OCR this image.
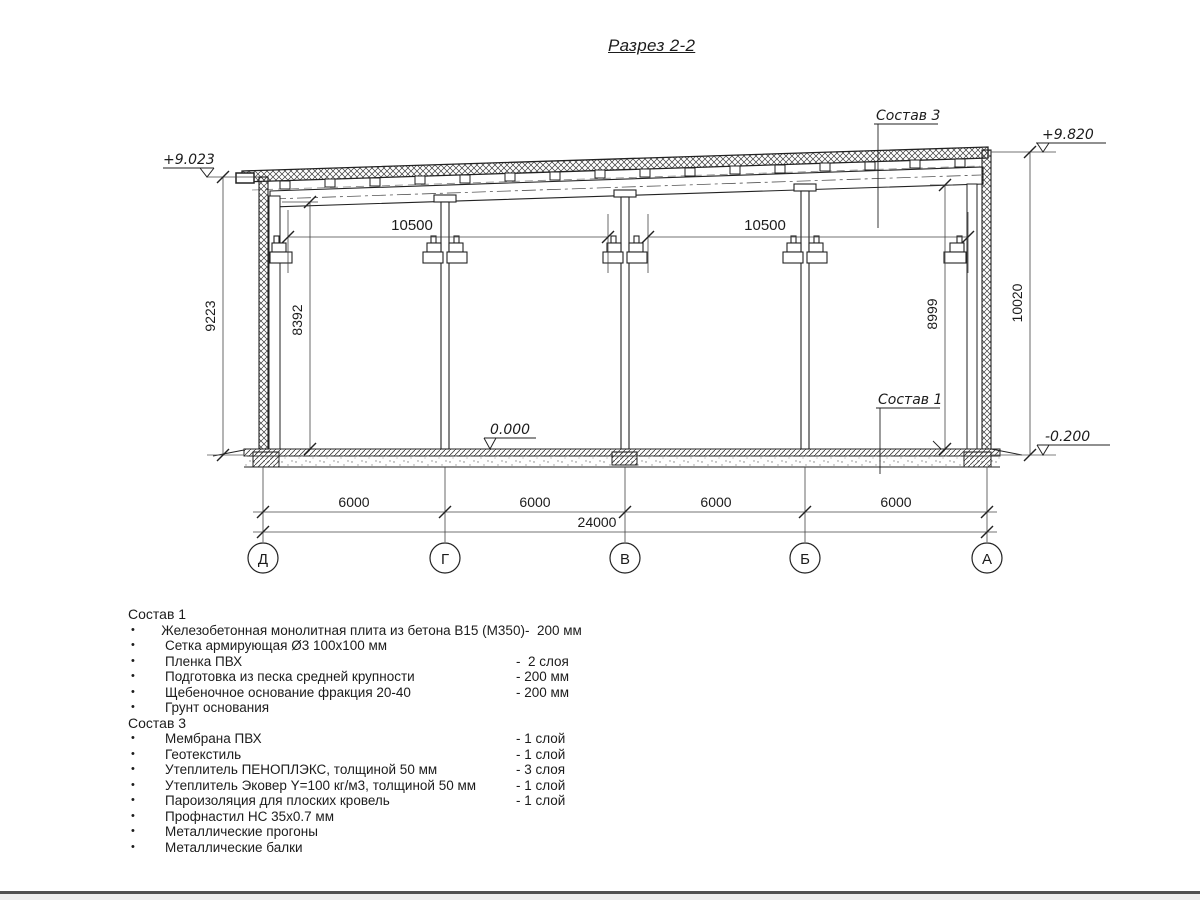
Разрез 2-2
10500	10500
9223	8392	8999	10020
6000	6000	6000	6000
24000
Д	Г	В	Б	А
+9.023
+9.820
0.000	-0.200
Состав 3
Состав 1
Состав 1
•	Железобетонная монолитная плита из бетона В15 (М350) -  200 мм
•	Сетка армирующая Ø3 100x100 мм
•	Пленка ПВХ	-  2 слоя
•	Подготовка из песка средней крупности	- 200 мм
•	Щебеночное основание фракция 20-40	- 200 мм
•	Грунт основания
Состав 3
•	Мембрана ПВХ	- 1 слой
•	Геотекстиль	- 1 слой
•	Утеплитель ПЕНОПЛЭКС, толщиной 50 мм	- 3 слоя
•	Утеплитель Эковер Y=100 кг/м3, толщиной 50 мм	- 1 слой
•	Пароизоляция для плоских кровель	- 1 слой
•	Профнастил НС 35x0.7 мм
•	Металлические прогоны
•	Металлические балки
